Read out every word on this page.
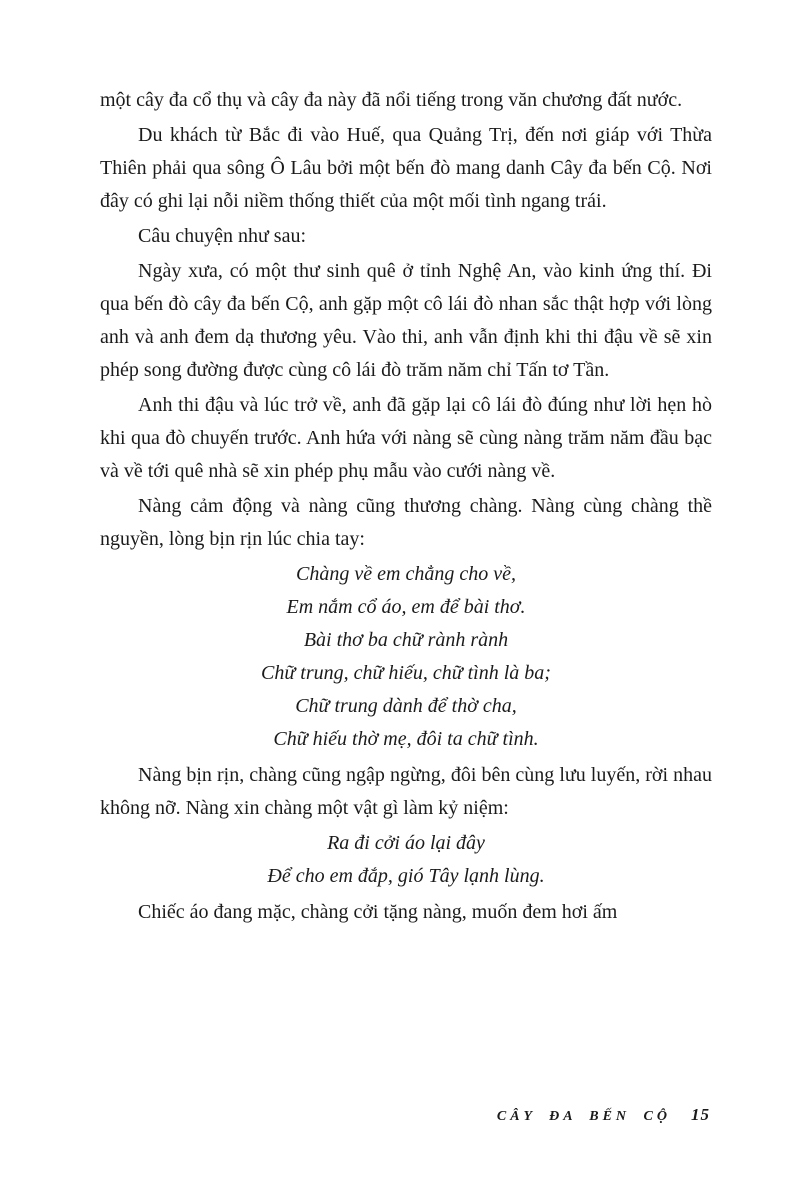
một cây đa cổ thụ và cây đa này đã nổi tiếng trong văn chương đất nước.

Du khách từ Bắc đi vào Huế, qua Quảng Trị, đến nơi giáp với Thừa Thiên phải qua sông Ô Lâu bởi một bến đò mang danh Cây đa bến Cộ. Nơi đây có ghi lại nỗi niềm thống thiết của một mối tình ngang trái.

Câu chuyện như sau:

Ngày xưa, có một thư sinh quê ở tỉnh Nghệ An, vào kinh ứng thí. Đi qua bến đò cây đa bến Cộ, anh gặp một cô lái đò nhan sắc thật hợp với lòng anh và anh đem dạ thương yêu. Vào thi, anh vẫn định khi thi đậu về sẽ xin phép song đường được cùng cô lái đò trăm năm chỉ Tấn tơ Tần.

Anh thi đậu và lúc trở về, anh đã gặp lại cô lái đò đúng như lời hẹn hò khi qua đò chuyến trước. Anh hứa với nàng sẽ cùng nàng trăm năm đầu bạc và về tới quê nhà sẽ xin phép phụ mẫu vào cưới nàng về.

Nàng cảm động và nàng cũng thương chàng. Nàng cùng chàng thề nguyền, lòng bịn rịn lúc chia tay:

Chàng về em chẳng cho về,
Em nắm cổ áo, em để bài thơ.
Bài thơ ba chữ rành rành
Chữ trung, chữ hiếu, chữ tình là ba;
Chữ trung dành để thờ cha,
Chữ hiếu thờ mẹ, đôi ta chữ tình.

Nàng bịn rịn, chàng cũng ngập ngừng, đôi bên cùng lưu luyến, rời nhau không nỡ. Nàng xin chàng một vật gì làm kỷ niệm:

Ra đi cởi áo lại đây
Để cho em đắp, gió Tây lạnh lùng.

Chiếc áo đang mặc, chàng cởi tặng nàng, muốn đem hơi ấm

CÂY ĐA BẾN CỘ 15
